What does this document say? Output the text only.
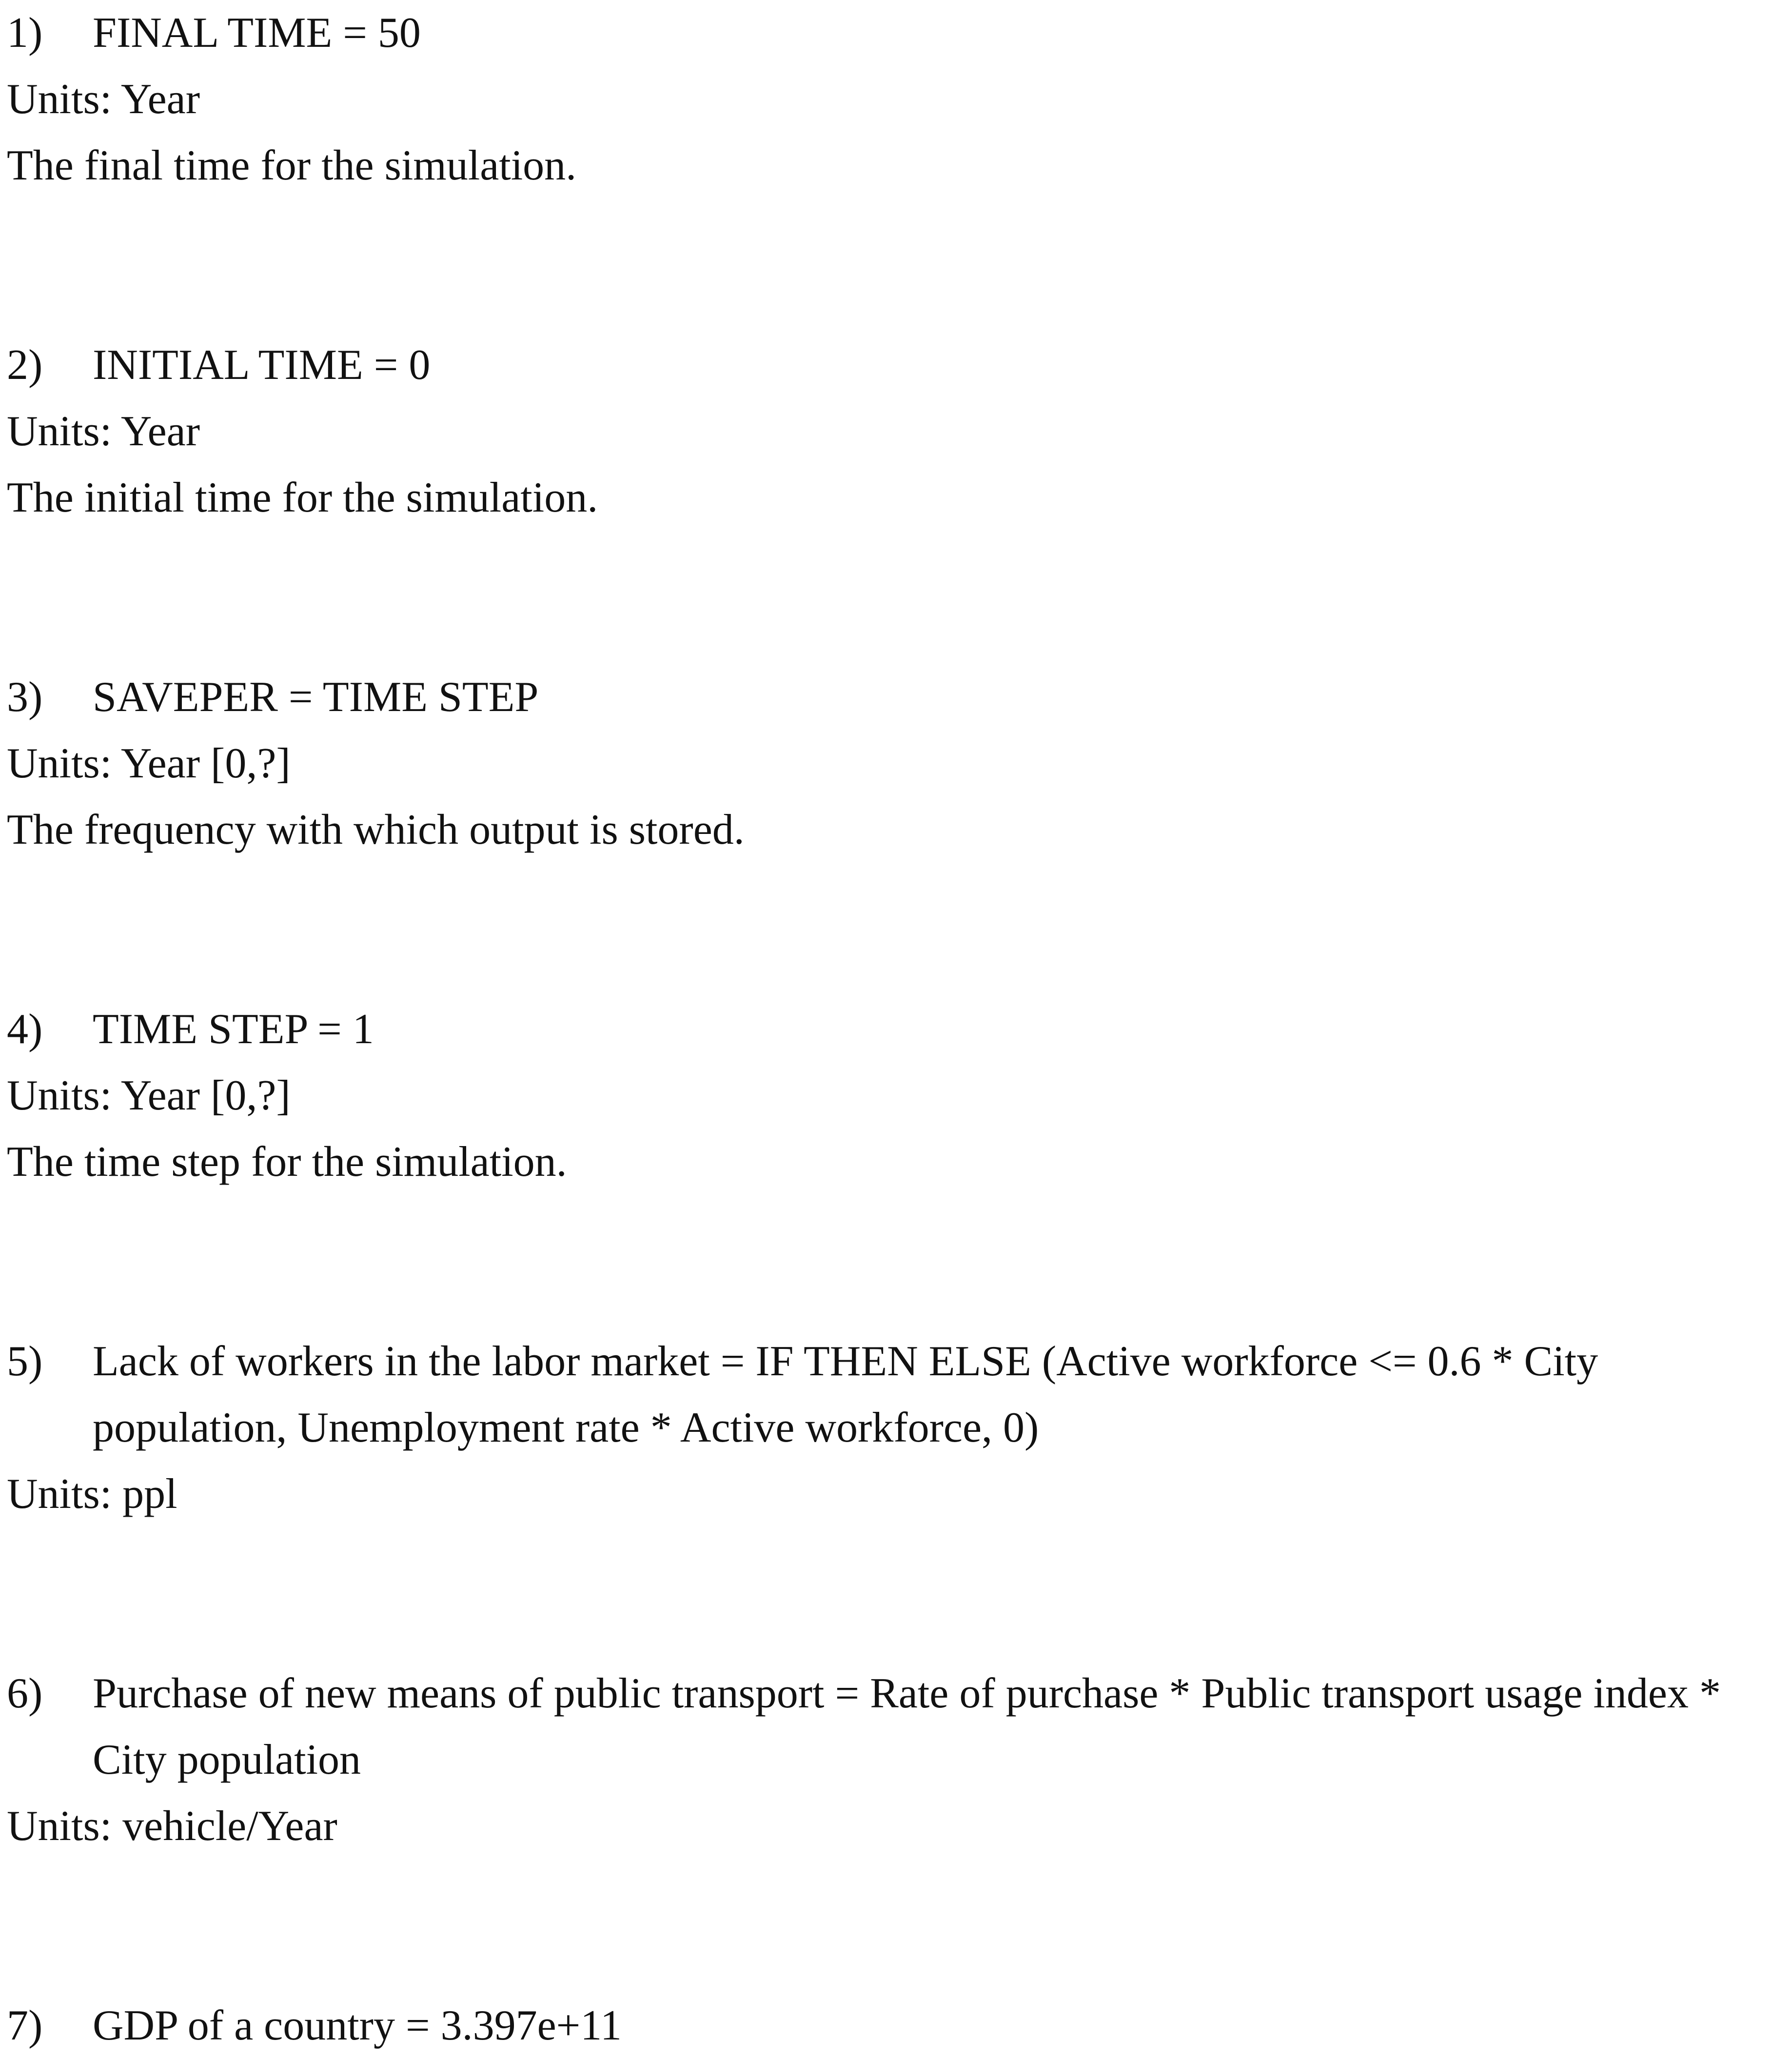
1)	FINAL TIME = 50
Units: Year
The final time for the simulation.
2)	INITIAL TIME = 0
Units: Year
The initial time for the simulation.
3)	SAVEPER = TIME STEP
Units: Year [0,?]
The frequency with which output is stored.
4)	TIME STEP = 1
Units: Year [0,?]
The time step for the simulation.
5)	Lack of workers in the labor market = IF THEN ELSE (Active workforce <= 0.6 * City
population, Unemployment rate * Active workforce, 0)
Units: ppl
6)	Purchase of new means of public transport = Rate of purchase * Public transport usage index *
City population
Units: vehicle/Year
7)	GDP of a country = 3.397e+11
